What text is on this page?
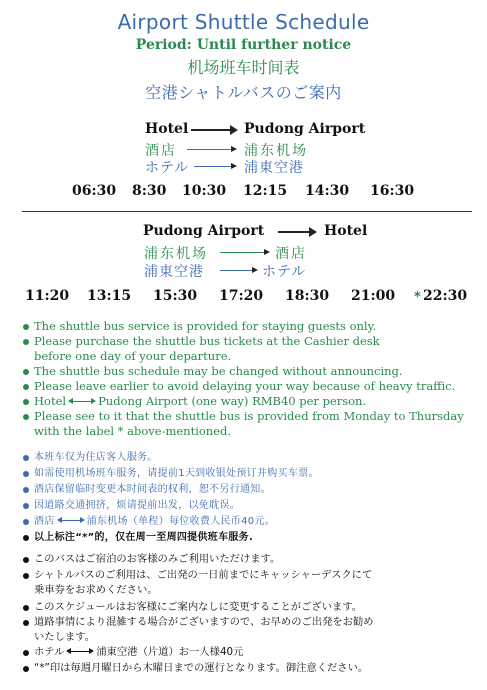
Airport Shuttle Schedule
Period: Until further notice
机场班车时间表
空港シャトルバスのご案内
Hotel	Pudong Airport
酒店	浦东机场
ホテル	浦東空港
06:30 8:30 10:30 12:15 14:30 16:30
Pudong Airport	Hotel
浦东机场	酒店
浦東空港	ホテル
11:20 13:15 15:30 17:20 18:30 21:00 * 22:30
The shuttle bus service is provided for staying guests only.
Please purchase the shuttle bus tickets at the Cashier desk
before one day of your departure.
The shuttle bus schedule may be changed without announcing.
Please leave earlier to avoid delaying your way because of heavy traffic.
Hotel	Pudong Airport (one way) RMB40 per person.
Please see to it that the shuttle bus is provided from Monday to Thursday
with the label * above-mentioned.
本班车仅为住店客人服务。
如需使用机场班车服务，请提前1天到收银处预订并购买车票。
酒店保留临时变更本时间表的权利，恕不另行通知。
因道路交通拥挤，烦请提前出发，以免耽误。
酒店	浦东机场（单程）每位收费人民币40元。
以上标注“*”的，仅在周一至周四提供班车服务.
このバスはご宿泊のお客様のみご利用いただけます。
シャトルバスのご利用は、ご出発の一日前までにキャッシャーデスクにて
乗車券をお求めください。
このスケジュールはお客様にご案内なしに変更することがございます。
道路事情により混雑する場合がございますので、お早めのご出発をお勧め
いたします。
ホテル	浦東空港（片道）お一人様40元
“*”印は毎週月曜日から木曜日までの運行となります。御注意ください。
